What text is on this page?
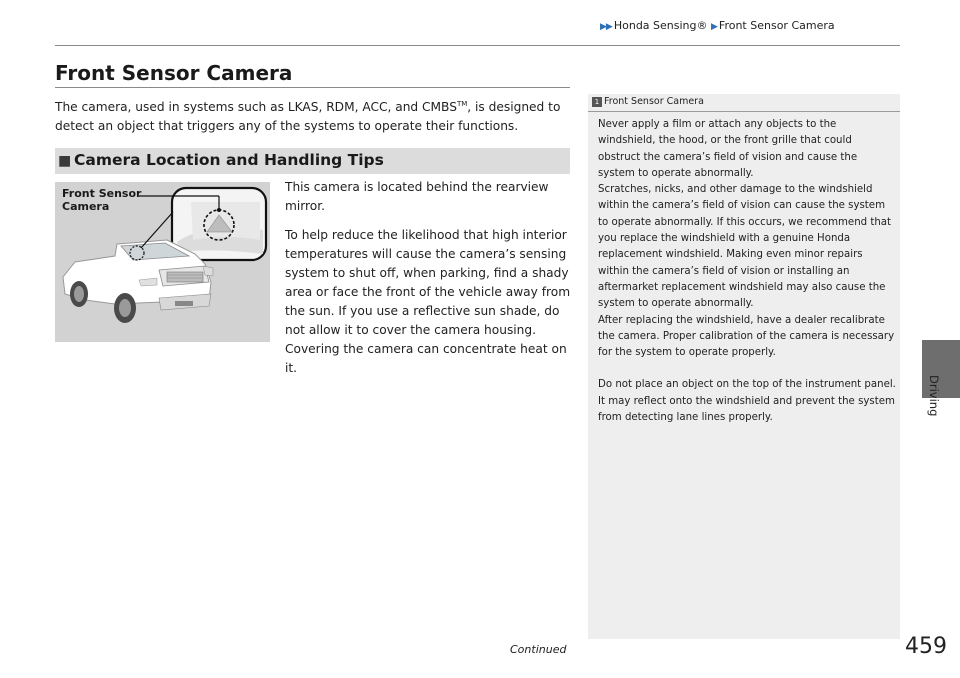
▶▶ Honda Sensing® ▶ Front Sensor Camera
Front Sensor Camera
The camera, used in systems such as LKAS, RDM, ACC, and CMBS™, is designed to detect an object that triggers any of the systems to operate their functions.
■ Camera Location and Handling Tips
Front Sensor
Camera

This camera is located behind the rearview mirror.

To help reduce the likelihood that high interior temperatures will cause the camera’s sensing system to shut off, when parking, find a shady area or face the front of the vehicle away from the sun. If you use a reflective sun shade, do not allow it to cover the camera housing. Covering the camera can concentrate heat on it.

1 Front Sensor Camera

Never apply a film or attach any objects to the windshield, the hood, or the front grille that could obstruct the camera’s field of vision and cause the system to operate abnormally.

Scratches, nicks, and other damage to the windshield within the camera’s field of vision can cause the system to operate abnormally. If this occurs, we recommend that you replace the windshield with a genuine Honda replacement windshield. Making even minor repairs within the camera’s field of vision or installing an aftermarket replacement windshield may also cause the system to operate abnormally.

After replacing the windshield, have a dealer recalibrate the camera. Proper calibration of the camera is necessary for the system to operate properly.

Do not place an object on the top of the instrument panel. It may reflect onto the windshield and prevent the system from detecting lane lines properly.

Driving
Continued	459
